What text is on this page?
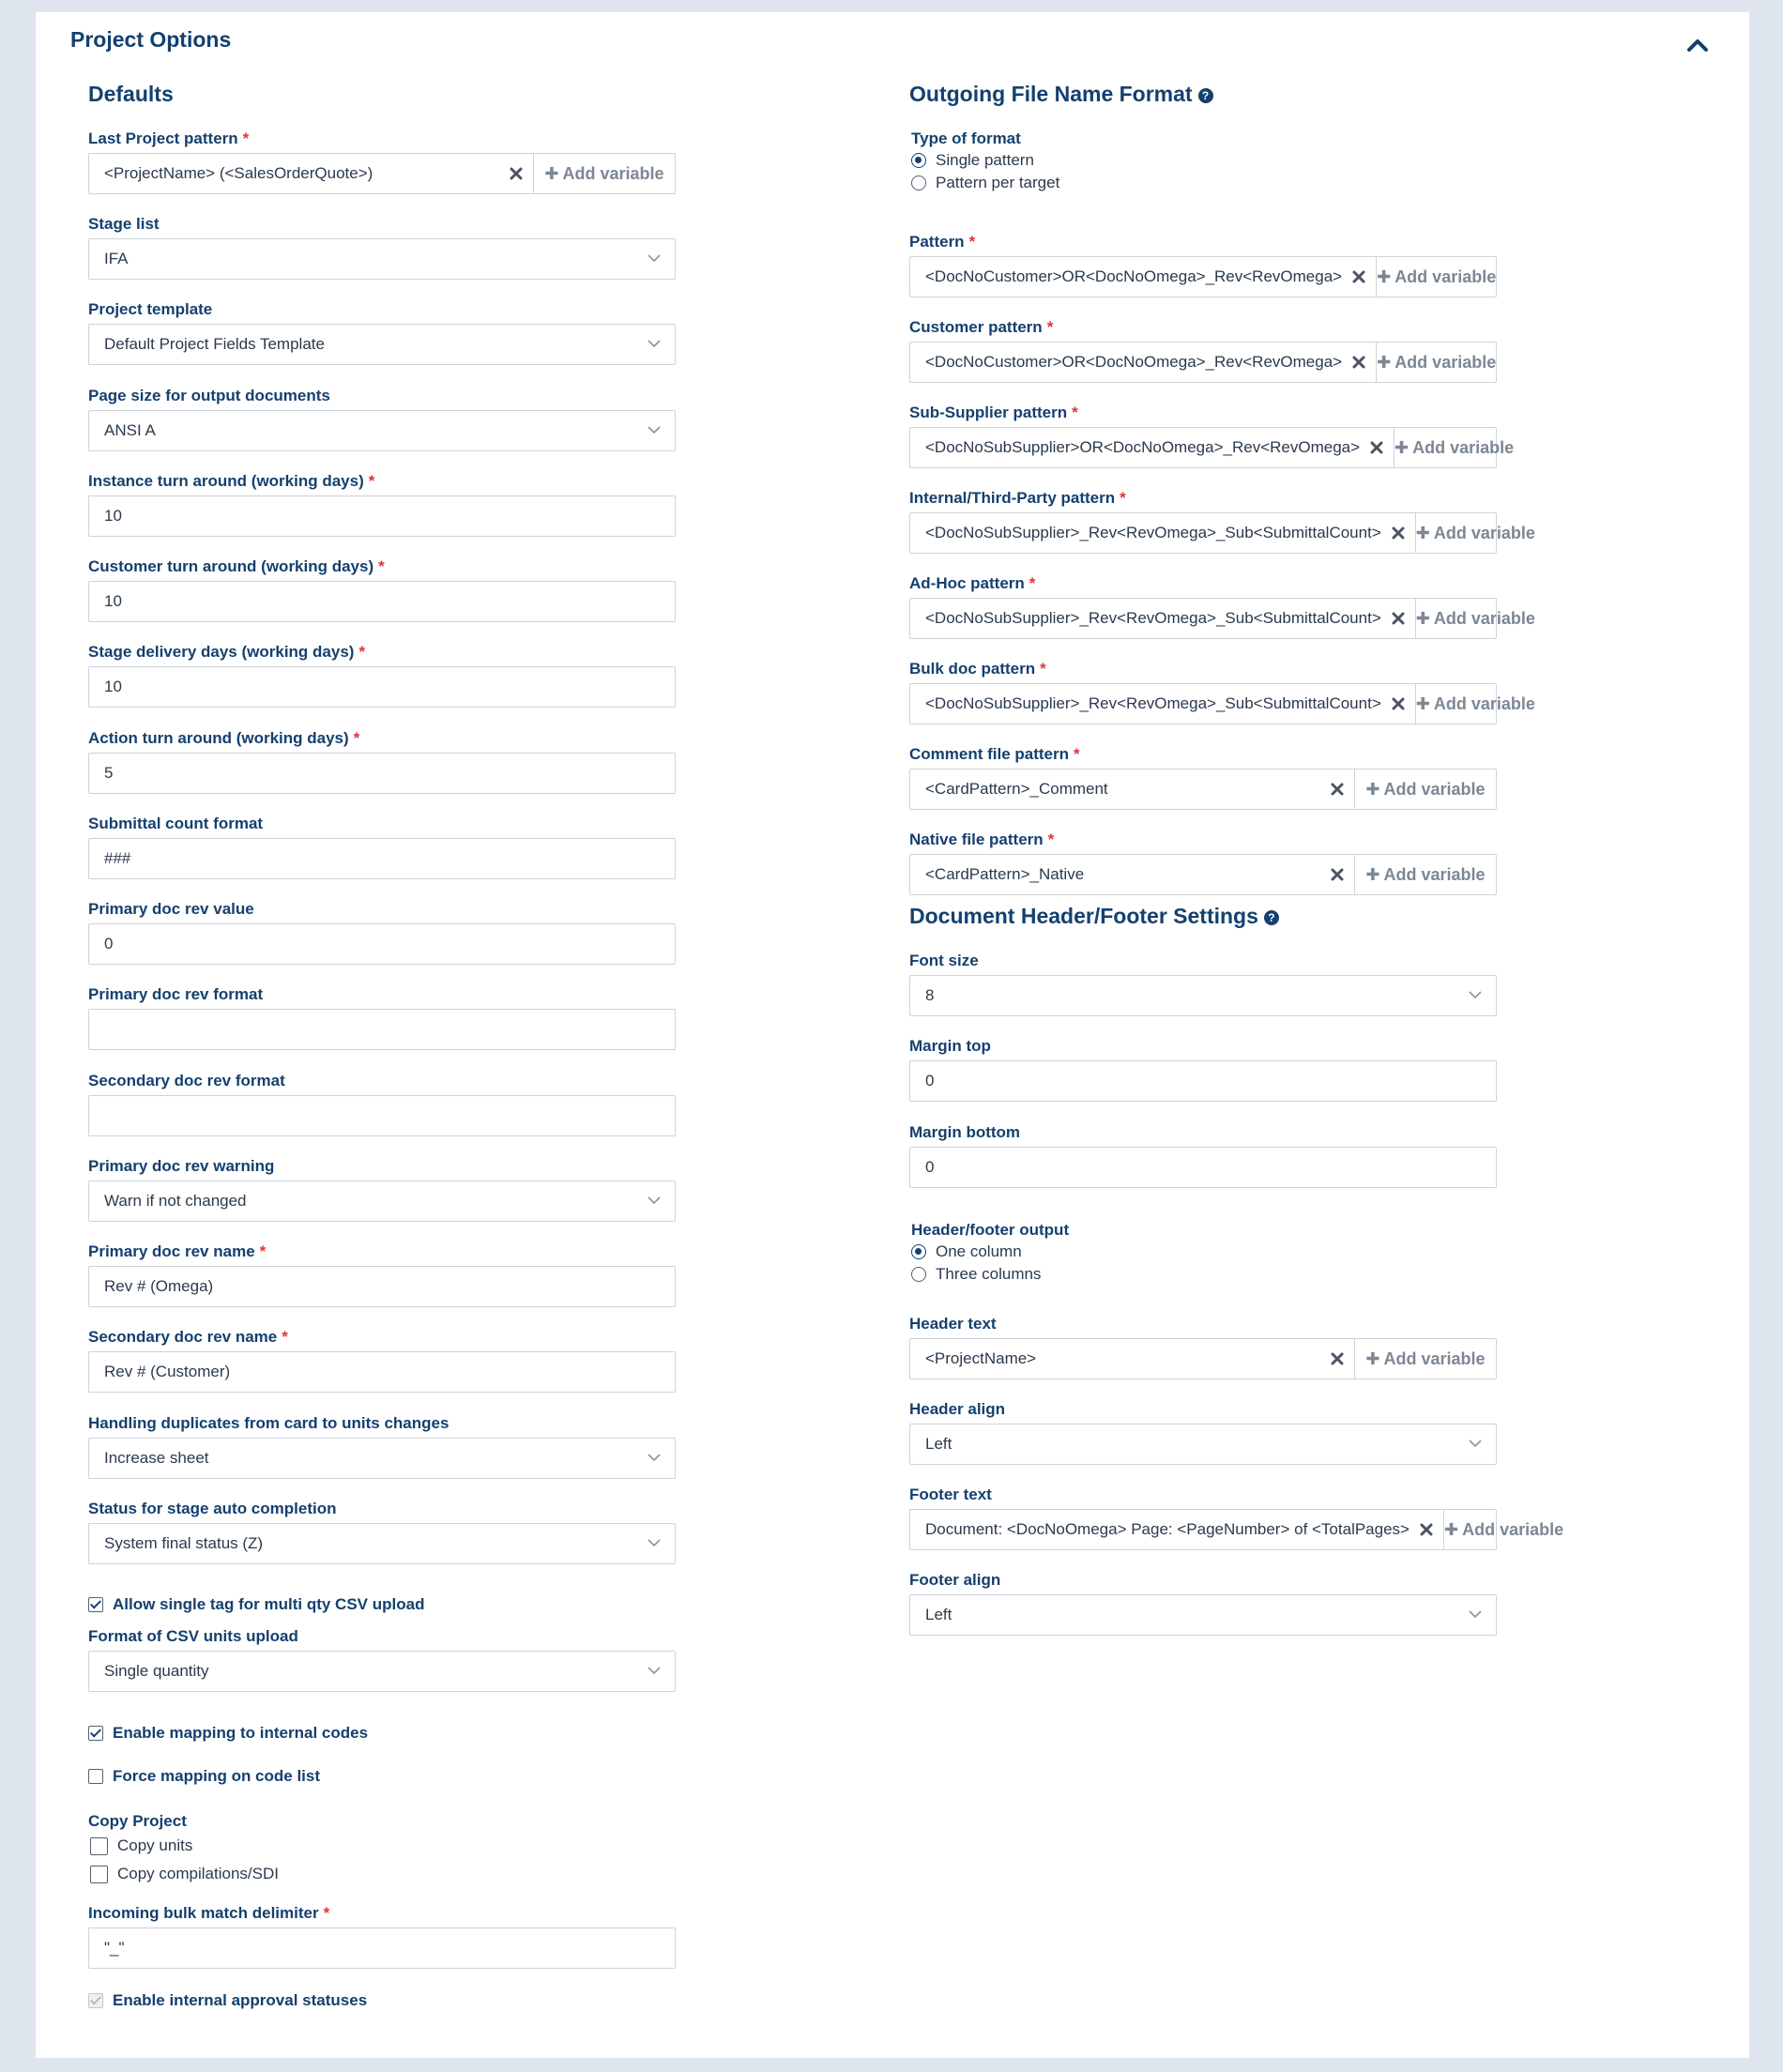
Project Options
Defaults
Last Project pattern *
<ProjectName> (<SalesOrderQuote>)	✚ Add variable
Stage list
IFA
Project template
Default Project Fields Template
Page size for output documents
ANSI A
Instance turn around (working days) *
10
Customer turn around (working days) *
10
Stage delivery days (working days) *
10
Action turn around (working days) *
5
Submittal count format
###
Primary doc rev value
0
Primary doc rev format
Secondary doc rev format
Primary doc rev warning
Warn if not changed
Primary doc rev name *
Rev # (Omega)
Secondary doc rev name *
Rev # (Customer)
Handling duplicates from card to units changes
Increase sheet
Status for stage auto completion
System final status (Z)
Allow single tag for multi qty CSV upload
Format of CSV units upload
Single quantity
Enable mapping to internal codes
Force mapping on code list
Copy Project
Copy units
Copy compilations/SDI
Incoming bulk match delimiter *
"_"
Enable internal approval statuses
Outgoing File Name Format ?
Type of format
Single pattern
Pattern per target
Pattern *
<DocNoCustomer>OR<DocNoOmega>_Rev<RevOmega>	✚ Add variable
Customer pattern *
<DocNoCustomer>OR<DocNoOmega>_Rev<RevOmega>	✚ Add variable
Sub-Supplier pattern *
<DocNoSubSupplier>OR<DocNoOmega>_Rev<RevOmega>	✚ Add variable
Internal/Third-Party pattern *
<DocNoSubSupplier>_Rev<RevOmega>_Sub<SubmittalCount>	✚ Add variable
Ad-Hoc pattern *
<DocNoSubSupplier>_Rev<RevOmega>_Sub<SubmittalCount>	✚ Add variable
Bulk doc pattern *
<DocNoSubSupplier>_Rev<RevOmega>_Sub<SubmittalCount>	✚ Add variable
Comment file pattern *
<CardPattern>_Comment	✚ Add variable
Native file pattern *
<CardPattern>_Native	✚ Add variable
Document Header/Footer Settings ?
Font size
8
Margin top
0
Margin bottom
0
Header/footer output
One column
Three columns
Header text
<ProjectName>	✚ Add variable
Header align
Left
Footer text
Document: <DocNoOmega> Page: <PageNumber> of <TotalPages>	✚ Add variable
Footer align
Left
